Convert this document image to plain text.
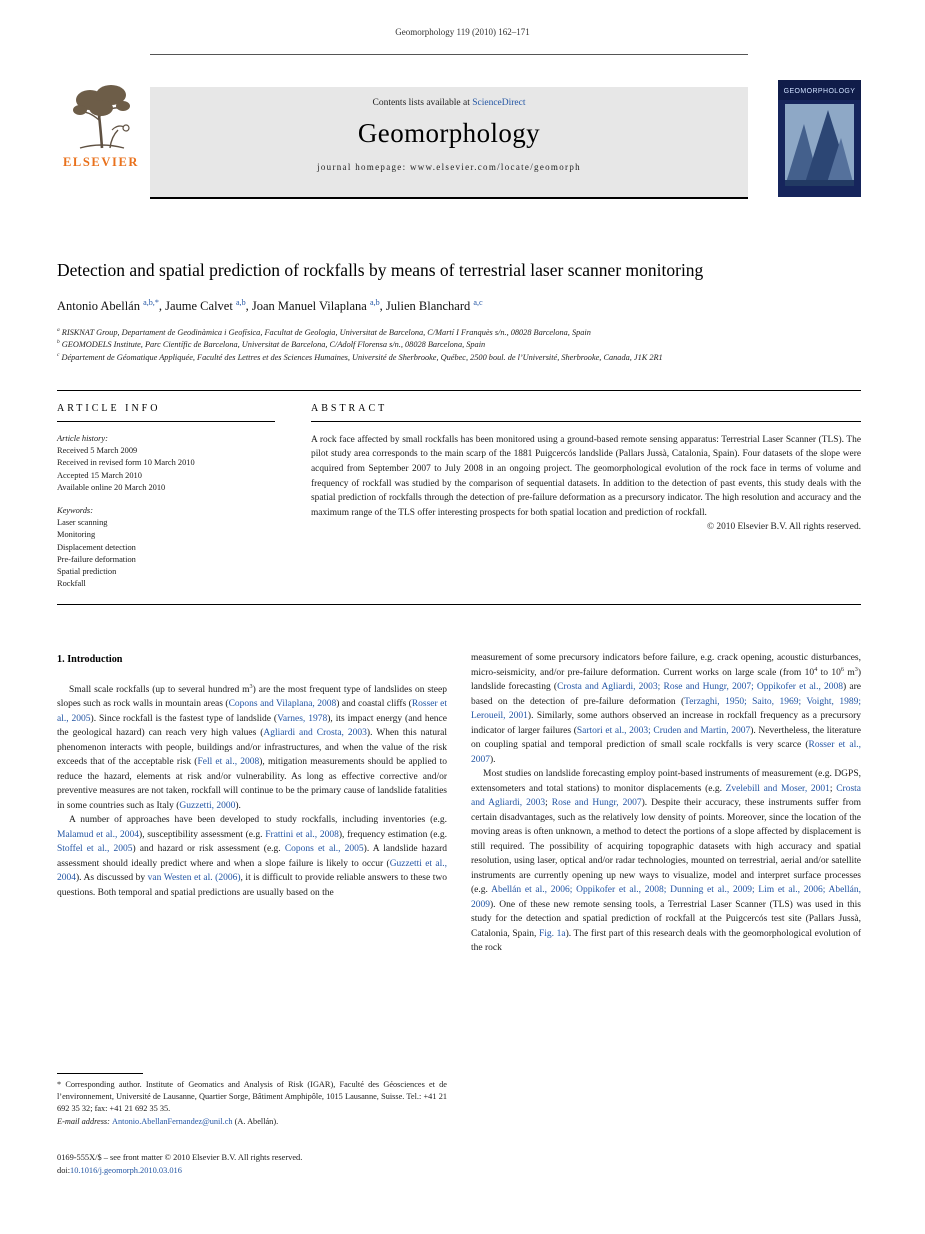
Geomorphology 119 (2010) 162–171
ELSEVIER
Contents lists available at ScienceDirect
Geomorphology
journal homepage: www.elsevier.com/locate/geomorph
GEOMORPHOLOGY
Detection and spatial prediction of rockfalls by means of terrestrial laser scanner monitoring
Antonio Abellán $^{a,b,*}$, Jaume Calvet $^{a,b}$, Joan Manuel Vilaplana $^{a,b}$, Julien Blanchard $^{a,c}$
$^a$ RISKNAT Group, Departament de Geodinàmica i Geofísica, Facultat de Geologia, Universitat de Barcelona, C/Martí I Franquès s/n., 08028 Barcelona, Spain
$^b$ GEOMODELS Institute, Parc Científic de Barcelona, Universitat de Barcelona, C/Adolf Florensa s/n., 08028 Barcelona, Spain
$^c$ Département de Géomatique Appliquée, Faculté des Lettres et des Sciences Humaines, Université de Sherbrooke, Québec, 2500 boul. de l’Université, Sherbrooke, Canada, J1K 2R1
ARTICLE INFO
Article history:
Received 5 March 2009
Received in revised form 10 March 2010
Accepted 15 March 2010
Available online 20 March 2010
Keywords:
Laser scanning
Monitoring
Displacement detection
Pre-failure deformation
Spatial prediction
Rockfall
ABSTRACT
A rock face affected by small rockfalls has been monitored using a ground-based remote sensing apparatus: Terrestrial Laser Scanner (TLS). The pilot study area corresponds to the main scarp of the 1881 Puigcercós landslide (Pallars Jussà, Catalonia, Spain). Four datasets of the slope were acquired from September 2007 to July 2008 in an ongoing project. The geomorphological evolution of the rock face in terms of volume and frequency of rockfall was studied by the comparison of sequential datasets. In addition to the detection of past events, this study deals with the spatial prediction of rockfalls through the detection of pre-failure deformation as a precursory indicator. The high resolution and accuracy and the maximum range of the TLS offer interesting prospects for both spatial location and prediction of rockfall.
© 2010 Elsevier B.V. All rights reserved.
1. Introduction

Small scale rockfalls (up to several hundred $m^3$) are the most frequent type of landslides on steep slopes such as rock walls in mountain areas (Copons and Vilaplana, 2008) and coastal cliffs (Rosser et al., 2005). Since rockfall is the fastest type of landslide (Varnes, 1978), its impact energy (and hence the geological hazard) can reach very high values (Agliardi and Crosta, 2003). When this natural phenomenon interacts with people, buildings and/or infrastructures, and when the value of the risk exceeds that of the acceptable risk (Fell et al., 2008), mitigation measurements should be applied to reduce the hazard, elements at risk and/or vulnerability. As long as effective corrective and/or preventive measures are not taken, rockfall will continue to be the primary cause of landslide fatalities in some countries such as Italy (Guzzetti, 2000).

A number of approaches have been developed to study rockfalls, including inventories (e.g. Malamud et al., 2004), susceptibility assessment (e.g. Frattini et al., 2008), frequency estimation (e.g. Stoffel et al., 2005) and hazard or risk assessment (e.g. Copons et al., 2005). A landslide hazard assessment should ideally predict where and when a slope failure is likely to occur (Guzzetti et al., 2004). As discussed by van Westen et al. (2006), it is difficult to provide reliable answers to these two questions. Both temporal and spatial predictions are usually based on the

measurement of some precursory indicators before failure, e.g. crack opening, acoustic disturbances, micro-seismicity, and/or pre-failure deformation. Current works on large scale (from $10^4$ to $10^6$ $m^3$) landslide forecasting (Crosta and Agliardi, 2003; Rose and Hungr, 2007; Oppikofer et al., 2008) are based on the detection of pre-failure deformation (Terzaghi, 1950; Saito, 1969; Voight, 1989; Leroueil, 2001). Similarly, some authors observed an increase in rockfall frequency as a precursory indicator of larger failures (Sartori et al., 2003; Cruden and Martin, 2007). Nevertheless, the literature on coupling spatial and temporal prediction of small scale rockfalls is very scarce (Rosser et al., 2007).

Most studies on landslide forecasting employ point-based instruments of measurement (e.g. DGPS, extensometers and total stations) to monitor displacements (e.g. Zvelebill and Moser, 2001; Crosta and Agliardi, 2003; Rose and Hungr, 2007). Despite their accuracy, these instruments suffer from certain disadvantages, such as the relatively low density of points. Moreover, since the location of the moving areas is often unknown, a method to detect the portions of a slope affected by displacement is still required. The possibility of acquiring topographic datasets with high accuracy and spatial resolution, using laser, optical and/or radar technologies, mounted on terrestrial, aerial and/or satellite instruments are currently opening up new ways to visualize, model and interpret surface processes (e.g. Abellán et al., 2006; Oppikofer et al., 2008; Dunning et al., 2009; Lim et al., 2006; Abellán, 2009). One of these new remote sensing tools, a Terrestrial Laser Scanner (TLS) was used in this study for the detection and spatial prediction of rockfall at the Puigcercós test site (Pallars Jussà, Catalonia, Spain, Fig. 1a). The first part of this research deals with the geomorphological evolution of the rock

* Corresponding author. Institute of Geomatics and Analysis of Risk (IGAR), Faculté des Géosciences et de l’environnement, Université de Lausanne, Quartier Sorge, Bâtiment Amphipôle, 1015 Lausanne, Suisse. Tel.: +41 21 692 35 32; fax: +41 21 692 35 35.
E-mail address: Antonio.AbellanFernandez@unil.ch (A. Abellán).
0169-555X/$ – see front matter © 2010 Elsevier B.V. All rights reserved.
doi:10.1016/j.geomorph.2010.03.016
